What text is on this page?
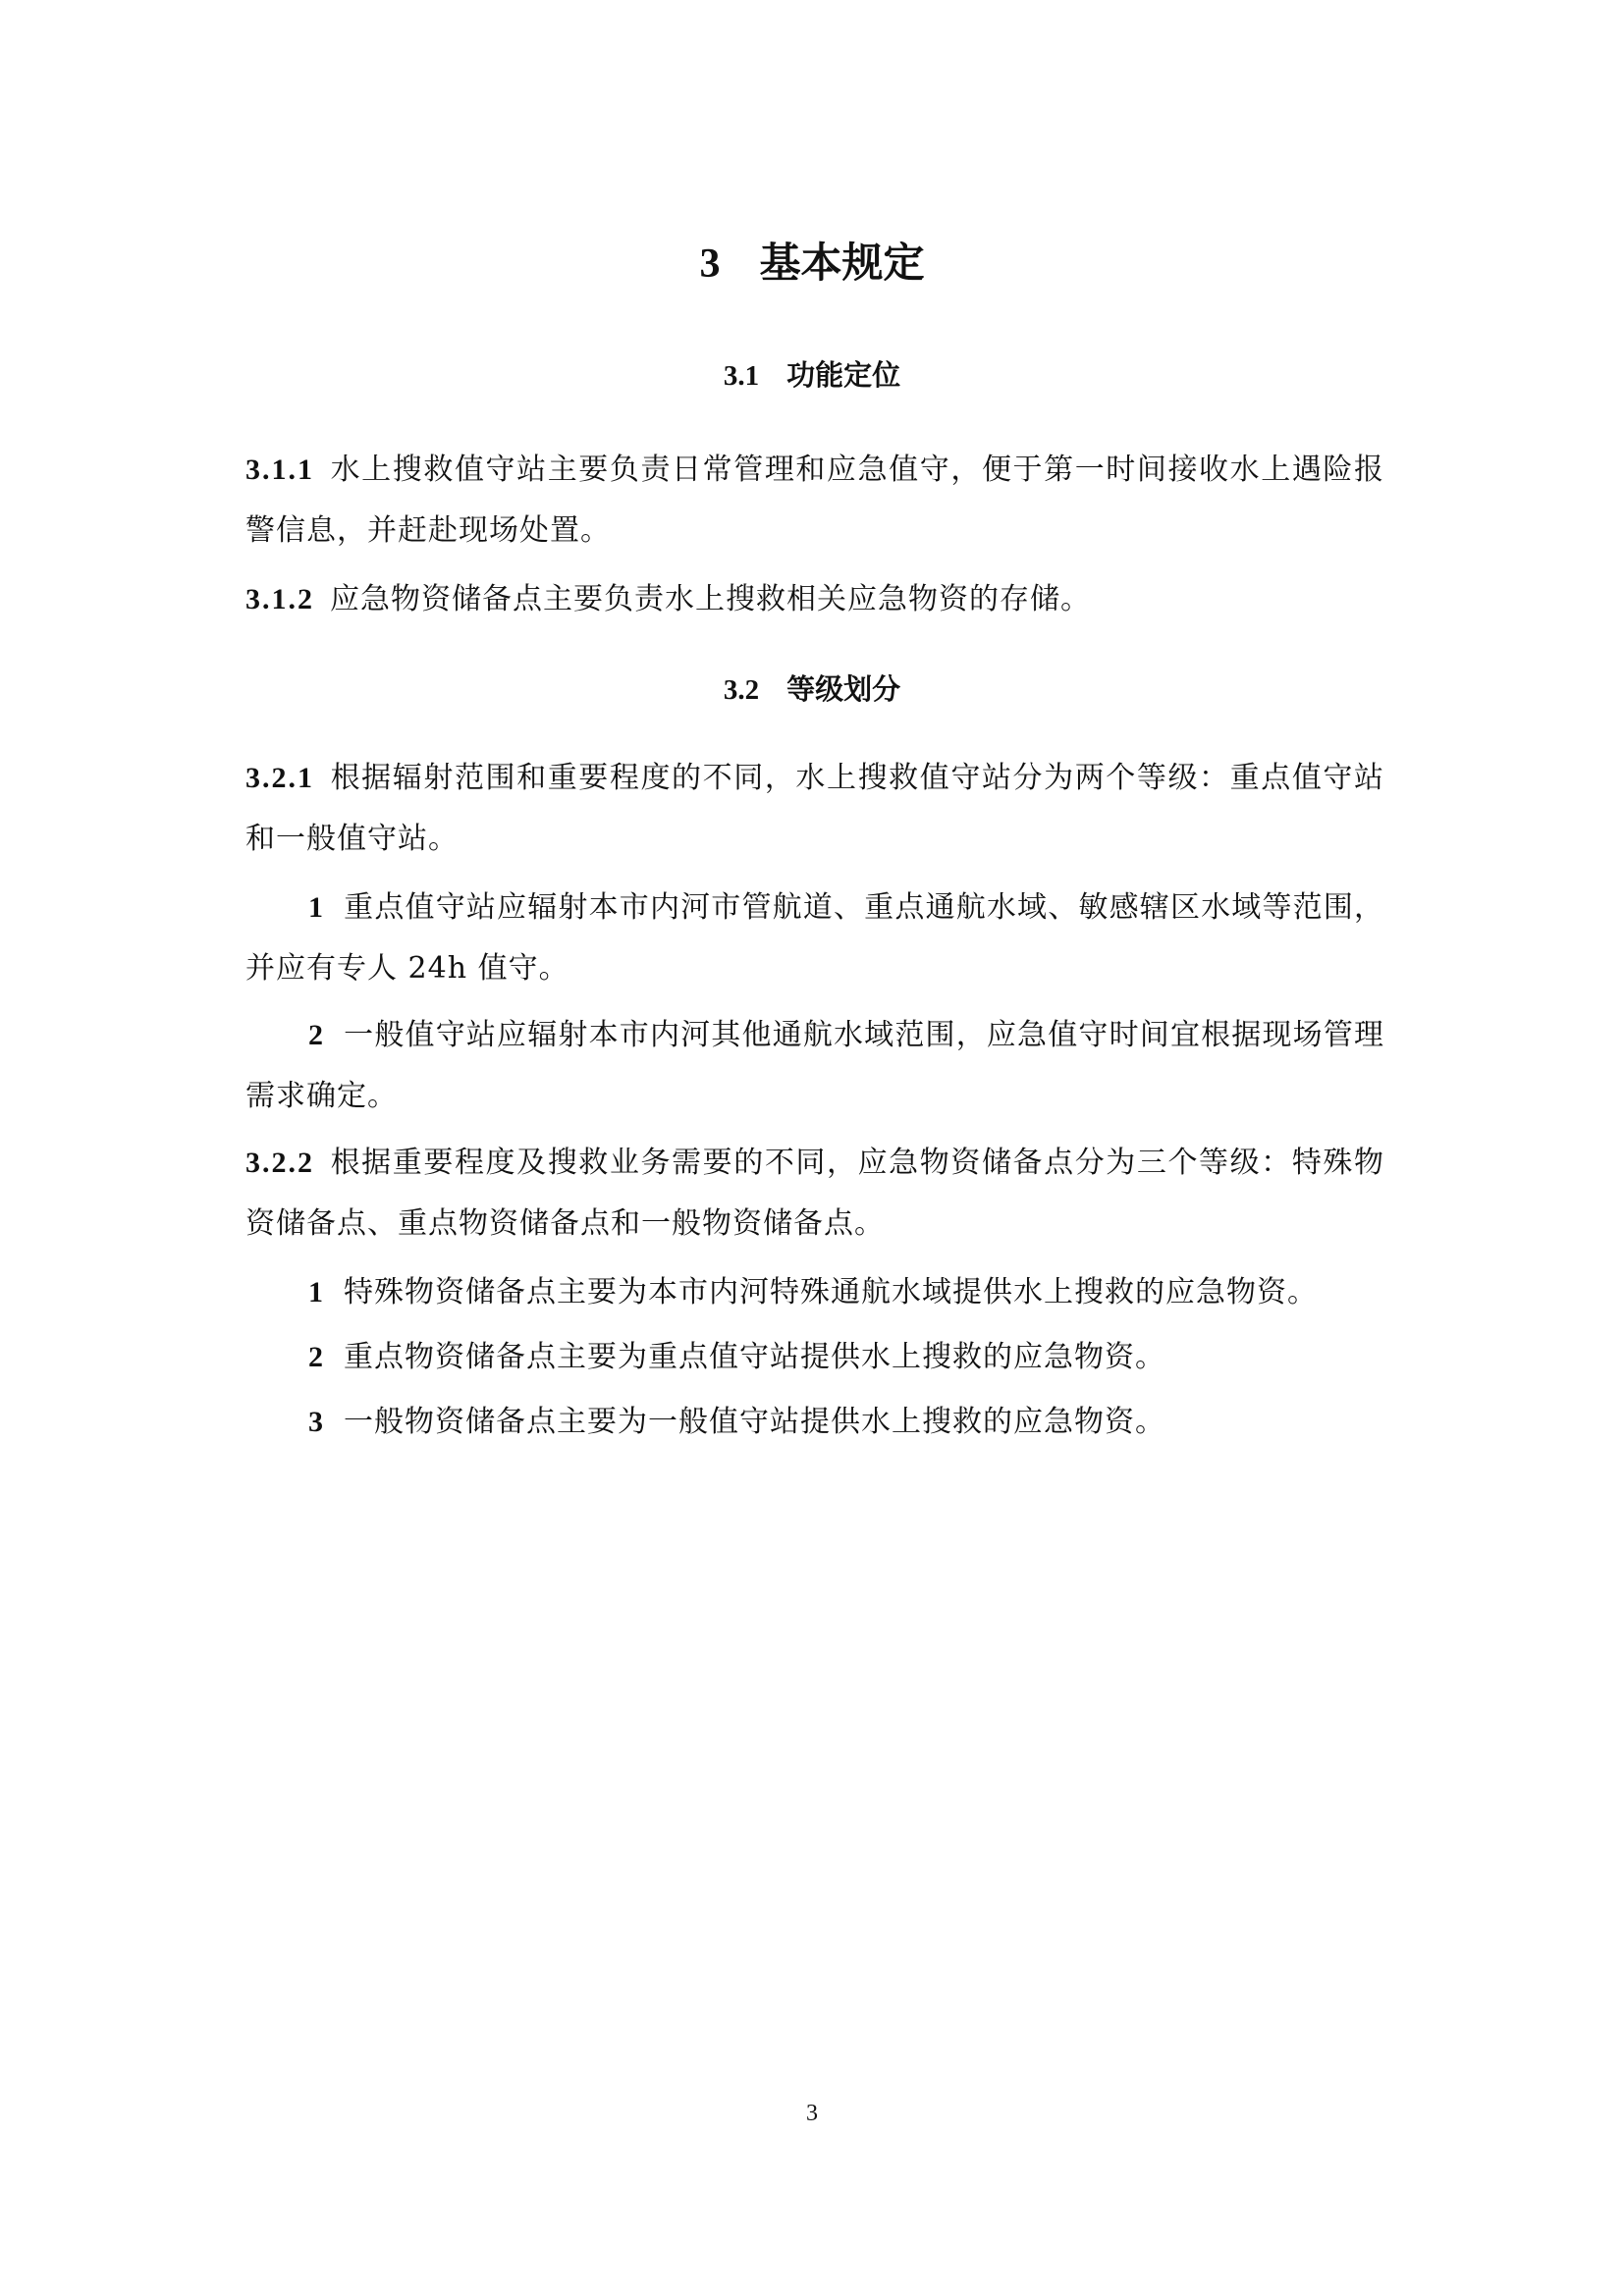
3 基本规定
3.1 功能定位
3.1.1 水上搜救值守站主要负责日常管理和应急值守，便于第一时间接收水上遇险报警信息，并赶赴现场处置。
3.1.2 应急物资储备点主要负责水上搜救相关应急物资的存储。
3.2 等级划分
3.2.1 根据辐射范围和重要程度的不同，水上搜救值守站分为两个等级：重点值守站和一般值守站。
1 重点值守站应辐射本市内河市管航道、重点通航水域、敏感辖区水域等范围，并应有专人 24h 值守。
2 一般值守站应辐射本市内河其他通航水域范围，应急值守时间宜根据现场管理需求确定。
3.2.2 根据重要程度及搜救业务需要的不同，应急物资储备点分为三个等级：特殊物资储备点、重点物资储备点和一般物资储备点。
1 特殊物资储备点主要为本市内河特殊通航水域提供水上搜救的应急物资。
2 重点物资储备点主要为重点值守站提供水上搜救的应急物资。
3 一般物资储备点主要为一般值守站提供水上搜救的应急物资。
3
